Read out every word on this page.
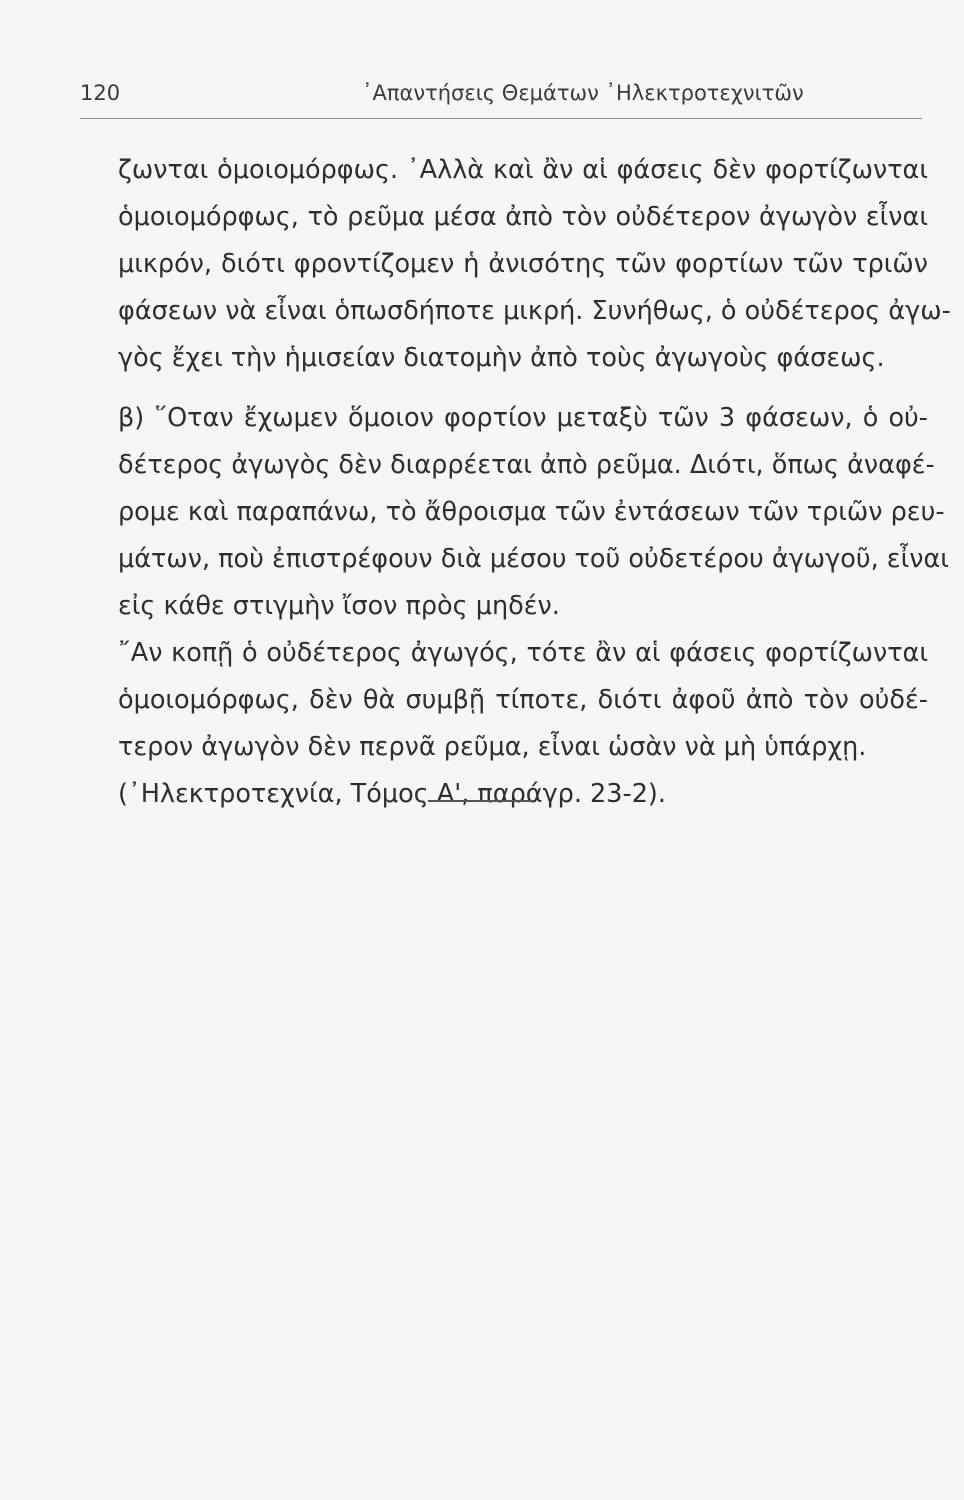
120	᾿Απαντήσεις Θεμάτων ᾿Ηλεκτροτεχνιτῶν
ζωνται ὁμοιομόρφως. ᾿Αλλὰ καὶ ἂν αἱ φάσεις δὲν φορτίζωνται
ὁμοιομόρφως, τὸ ρεῦμα μέσα ἀπὸ τὸν οὐδέτερον ἀγωγὸν εἶναι
μικρόν, διότι φροντίζομεν ἡ ἀνισότης τῶν φορτίων τῶν τριῶν
φάσεων νὰ εἶναι ὁπωσδήποτε μικρή. Συνήθως, ὁ οὐδέτερος ἀγω-
γὸς ἔχει τὴν ἡμισείαν διατομὴν ἀπὸ τοὺς ἀγωγοὺς φάσεως.
β) ῞Οταν ἔχωμεν ὅμοιον φορτίον μεταξὺ τῶν 3 φάσεων, ὁ οὐ-
δέτερος ἀγωγὸς δὲν διαρρέεται ἀπὸ ρεῦμα. Διότι, ὅπως ἀναφέ-
ρομε καὶ παραπάνω, τὸ ἄθροισμα τῶν ἐντάσεων τῶν τριῶν ρευ-
μάτων, ποὺ ἐπιστρέφουν διὰ μέσου τοῦ οὐδετέρου ἀγωγοῦ, εἶναι
εἰς κάθε στιγμὴν ἴσον πρὸς μηδέν.
῎Αν κοπῇ ὁ οὐδέτερος ἀγωγός, τότε ἂν αἱ φάσεις φορτίζωνται
ὁμοιομόρφως, δὲν θὰ συμβῇ τίποτε, διότι ἀφοῦ ἀπὸ τὸν οὐδέ-
τερον ἀγωγὸν δὲν περνᾶ ρεῦμα, εἶναι ὡσὰν νὰ μὴ ὑπάρχῃ.
(᾿Ηλεκτροτεχνία, Τόμος Α', παράγρ. 23-2).
